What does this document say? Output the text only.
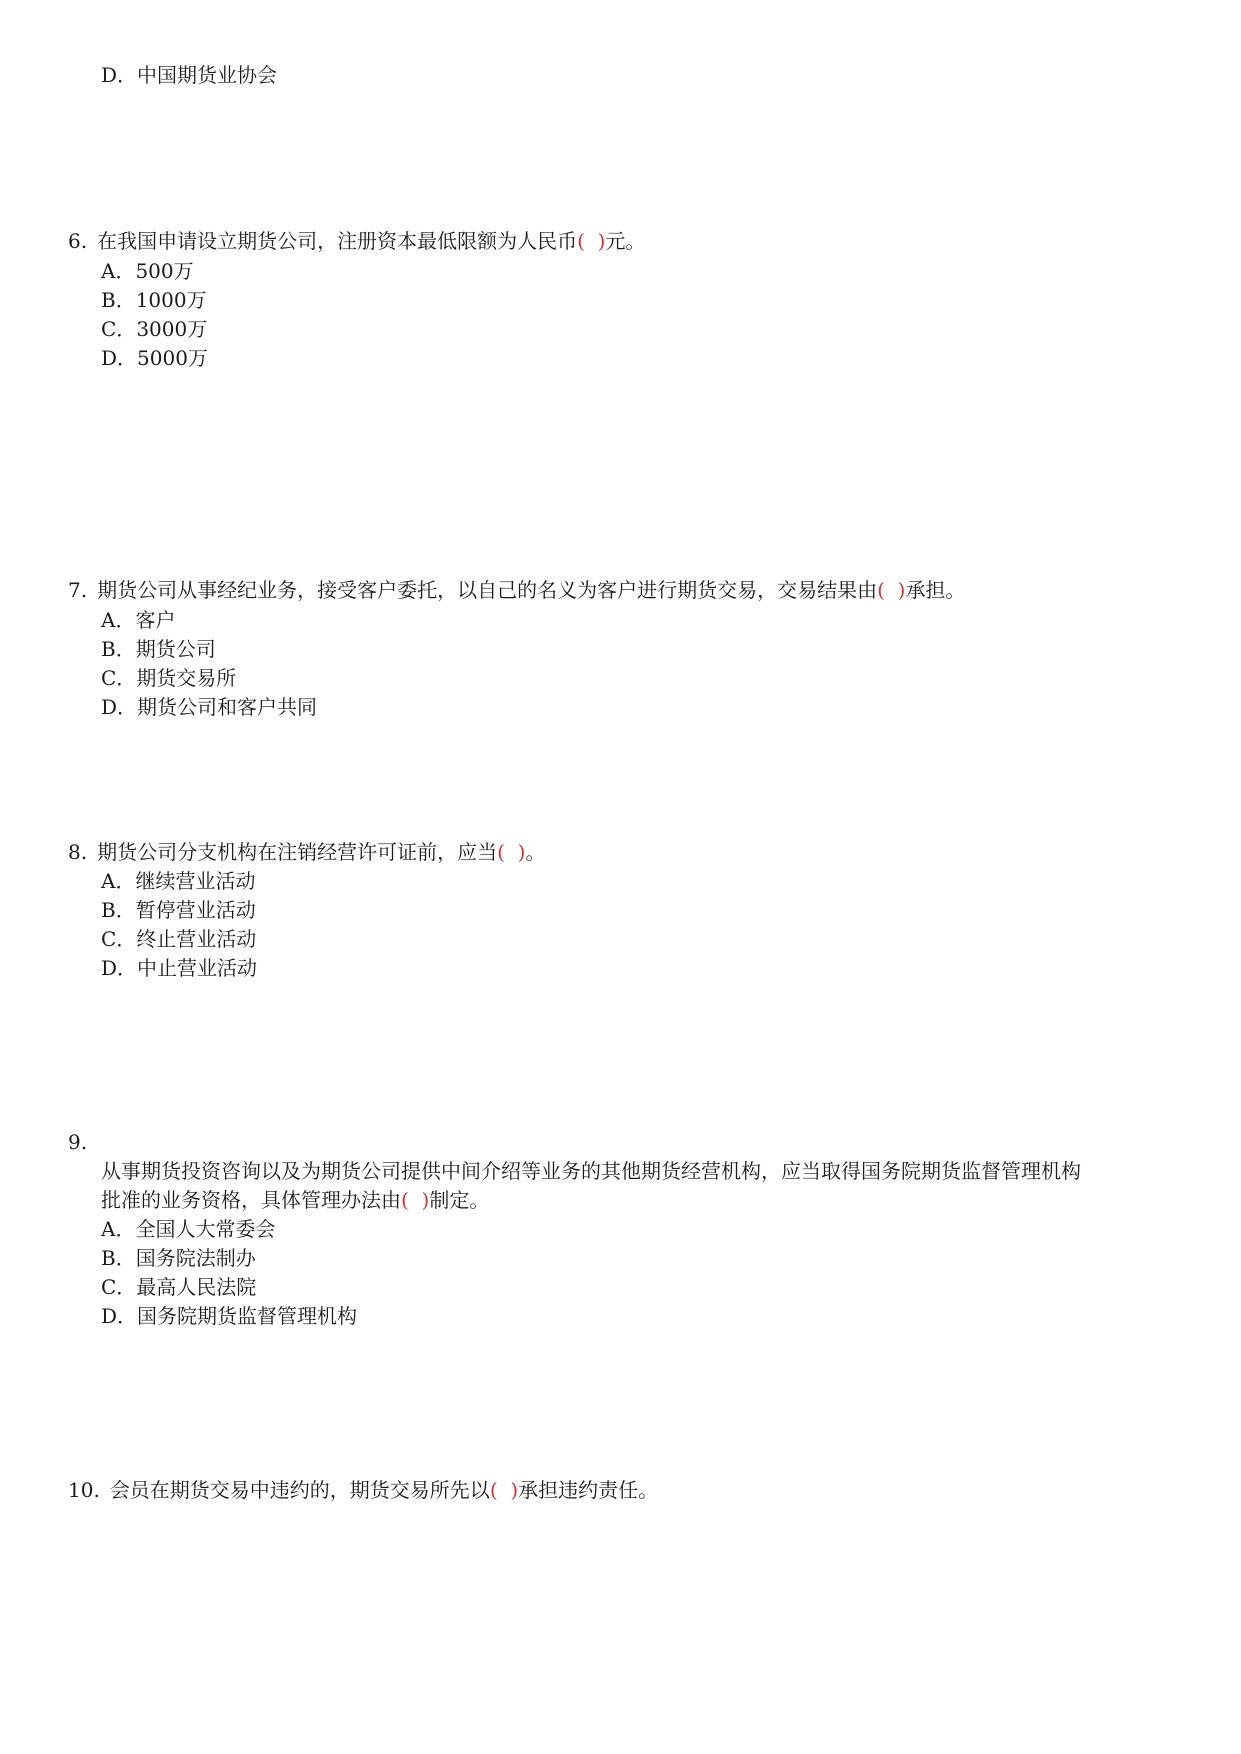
D．中国期货业协会
6. 在我国申请设立期货公司，注册资本最低限额为人民币( )元。
A．500万
B．1000万
C．3000万
D．5000万
7. 期货公司从事经纪业务，接受客户委托，以自己的名义为客户进行期货交易，交易结果由( )承担。
A．客户
B．期货公司
C．期货交易所
D．期货公司和客户共同
8. 期货公司分支机构在注销经营许可证前，应当( )。
A．继续营业活动
B．暂停营业活动
C．终止营业活动
D．中止营业活动
9.
从事期货投资咨询以及为期货公司提供中间介绍等业务的其他期货经营机构，应当取得国务院期货监督管理机构
批准的业务资格，具体管理办法由( )制定。
A．全国人大常委会
B．国务院法制办
C．最高人民法院
D．国务院期货监督管理机构
10. 会员在期货交易中违约的，期货交易所先以( )承担违约责任。
